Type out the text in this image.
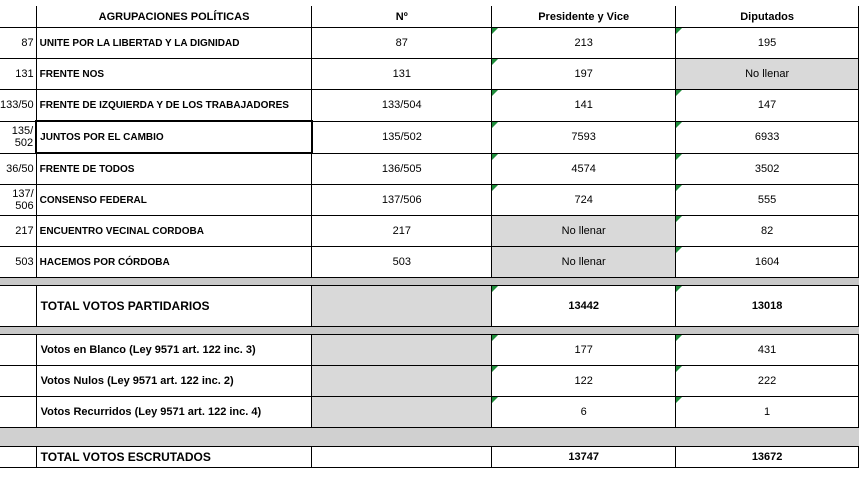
	AGRUPACIONES POLÍTICAS	Nº	Presidente y Vice	Diputados
87	UNITE POR LA LIBERTAD Y LA DIGNIDAD	87	213	195
131	FRENTE NOS	131	197	No llenar
133/50	FRENTE DE IZQUIERDA Y DE LOS TRABAJADORES	133/504	141	147
135/ 502	JUNTOS POR EL CAMBIO	135/502	7593	6933
36/50	FRENTE DE TODOS	136/505	4574	3502
137/ 506	CONSENSO FEDERAL	137/506	724	555
217	ENCUENTRO VECINAL CORDOBA	217	No llenar	82
503	HACEMOS POR CÓRDOBA	503	No llenar	1604

	TOTAL VOTOS PARTIDARIOS		13442	13018

	Votos en Blanco (Ley 9571 art. 122 inc. 3)		177	431
	Votos Nulos (Ley 9571 art. 122 inc. 2)		122	222
	Votos Recurridos (Ley 9571 art. 122 inc. 4)		6	1

	TOTAL VOTOS ESCRUTADOS		13747	13672
